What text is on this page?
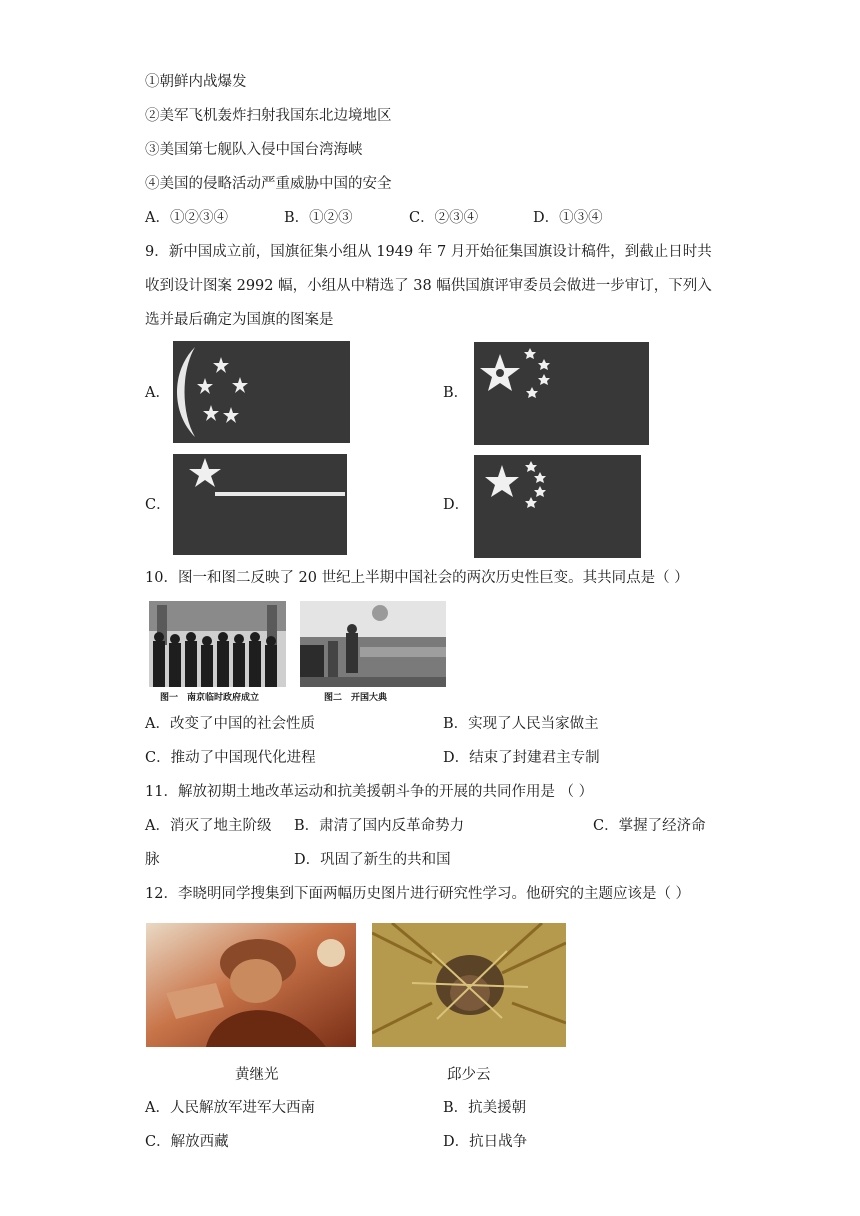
①朝鲜内战爆发
②美军飞机轰炸扫射我国东北边境地区
③美国第七舰队入侵中国台湾海峡
④美国的侵略活动严重威胁中国的安全
A．①②③④	B．①②③	C．②③④	D．①③④
9．新中国成立前，国旗征集小组从 1949 年 7 月开始征集国旗设计稿件，到截止日时共
收到设计图案 2992 幅，小组从中精选了 38 幅供国旗评审委员会做进一步审订，下列入
选并最后确定为国旗的图案是
A．	B．
C．	D．
10．图一和图二反映了 20 世纪上半期中国社会的两次历史性巨变。其共同点是（ ）
图一　南京临时政府成立	图二　开国大典
A．改变了中国的社会性质	B．实现了人民当家做主
C．推动了中国现代化进程	D．结束了封建君主专制
11．解放初期土地改革运动和抗美援朝斗争的开展的共同作用是 （ ）
A．消灭了地主阶级 B．肃清了国内反革命势力	C．掌握了经济命
脉	D．巩固了新生的共和国
12．李晓明同学搜集到下面两幅历史图片进行研究性学习。他研究的主题应该是（ ）
黄继光	邱少云
A．人民解放军进军大西南	B．抗美援朝
C．解放西藏	D．抗日战争
